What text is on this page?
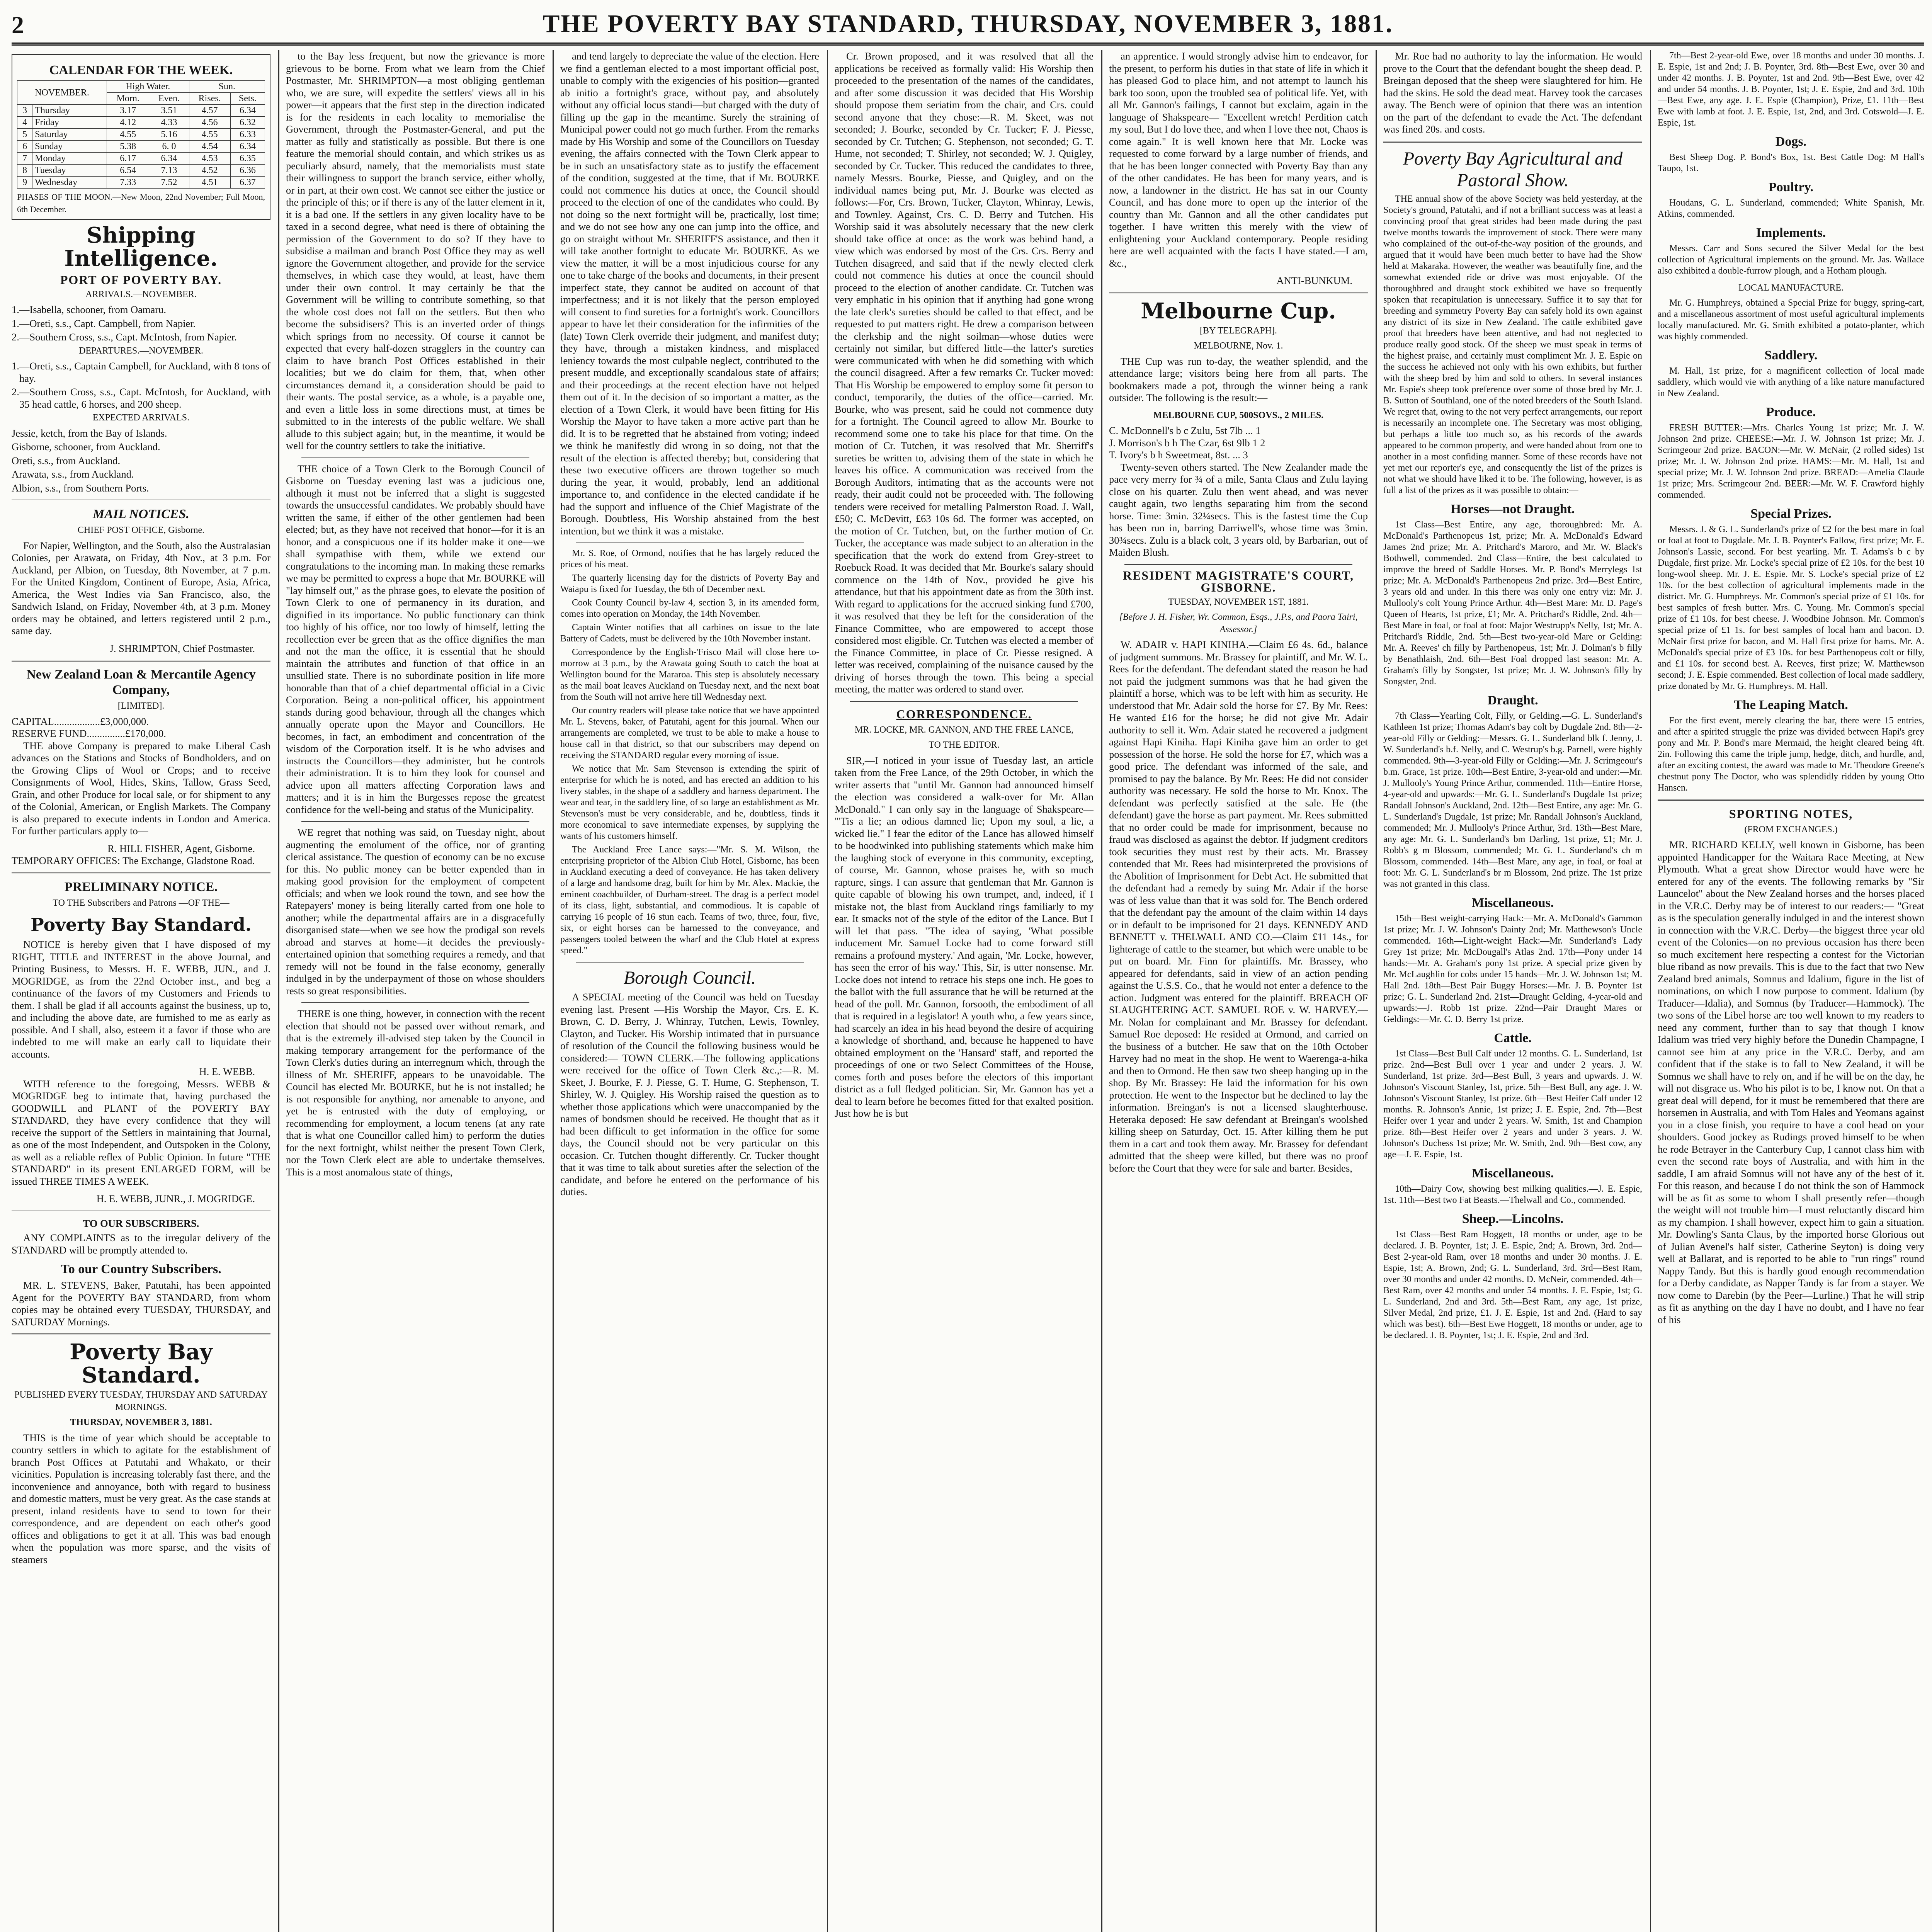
2	THE POVERTY BAY STANDARD, THURSDAY, NOVEMBER 3, 1881.
CALENDAR FOR THE WEEK.
NOVEMBER.		High Water.		Sun.	
		Morn.	Even.	Rises.	Sets.
3	Thursday	3.17	3.51	4.57	6.34
4	Friday	4.12	4.33	4.56	6.32
5	Saturday	4.55	5.16	4.55	6.33
6	Sunday	5.38	6. 0	4.54	6.34
7	Monday	6.17	6.34	4.53	6.35
8	Tuesday	6.54	7.13	4.52	6.36
9	Wednesday	7.33	7.52	4.51	6.37
PHASES OF THE MOON.—New Moon, 22nd November; Full Moon, 6th December.
Shipping Intelligence.
PORT OF POVERTY BAY.
ARRIVALS.—NOVEMBER.
1.—Isabella, schooner, from Oamaru.
1.—Oreti, s.s., Capt. Campbell, from Napier.
2.—Southern Cross, s.s., Capt. McIntosh, from Napier.
DEPARTURES.—NOVEMBER.
1.—Oreti, s.s., Captain Campbell, for Auckland, with 8 tons of hay.
2.—Southern Cross, s.s., Capt. McIntosh, for Auckland, with 35 head cattle, 6 horses, and 200 sheep.
EXPECTED ARRIVALS.
Jessie, ketch, from the Bay of Islands.
Gisborne, schooner, from Auckland.
Oreti, s.s., from Auckland.
Arawata, s.s., from Auckland.
Albion, s.s., from Southern Ports.
MAIL NOTICES.
CHIEF POST OFFICE, Gisborne.

For Napier, Wellington, and the South, also the Australasian Colonies, per Arawata, on Friday, 4th Nov., at 3 p.m. For Auckland, per Albion, on Tuesday, 8th November, at 7 p.m. For the United Kingdom, Continent of Europe, Asia, Africa, America, the West Indies via San Francisco, also, the Sandwich Island, on Friday, November 4th, at 3 p.m. Money orders may be obtained, and letters registered until 2 p.m., same day.

J. SHRIMPTON, Chief Postmaster.
New Zealand Loan & Mercantile Agency Company,
[LIMITED].
CAPITAL..................£3,000,000.
RESERVE FUND...............£170,000.

THE above Company is prepared to make Liberal Cash advances on the Stations and Stocks of Bondholders, and on the Growing Clips of Wool or Crops; and to receive Consignments of Wool, Hides, Skins, Tallow, Grass Seed, Grain, and other Produce for local sale, or for shipment to any of the Colonial, American, or English Markets. The Company is also prepared to execute indents in London and America. For further particulars apply to—

R. HILL FISHER, Agent, Gisborne.
TEMPORARY OFFICES: The Exchange, Gladstone Road.
PRELIMINARY NOTICE.
TO THE Subscribers and Patrons —OF THE—
Poverty Bay Standard.

NOTICE is hereby given that I have disposed of my RIGHT, TITLE and INTEREST in the above Journal, and Printing Business, to Messrs. H. E. WEBB, JUN., and J. MOGRIDGE, as from the 22nd October inst., and beg a continuance of the favors of my Customers and Friends to them. I shall be glad if all accounts against the business, up to, and including the above date, are furnished to me as early as possible. And I shall, also, esteem it a favor if those who are indebted to me will make an early call to liquidate their accounts.

H. E. WEBB.

WITH reference to the foregoing, Messrs. WEBB & MOGRIDGE beg to intimate that, having purchased the GOODWILL and PLANT of the POVERTY BAY STANDARD, they have every confidence that they will receive the support of the Settlers in maintaining that Journal, as one of the most Independent, and Outspoken in the Colony, as well as a reliable reflex of Public Opinion. In future "THE STANDARD" in its present ENLARGED FORM, will be issued THREE TIMES A WEEK.

H. E. WEBB, JUNR., J. MOGRIDGE.
TO OUR SUBSCRIBERS.

ANY COMPLAINTS as to the irregular delivery of the STANDARD will be promptly attended to.

To our Country Subscribers.

MR. L. STEVENS, Baker, Patutahi, has been appointed Agent for the POVERTY BAY STANDARD, from whom copies may be obtained every TUESDAY, THURSDAY, and SATURDAY Mornings.

Poverty Bay Standard.
PUBLISHED EVERY TUESDAY, THURSDAY AND SATURDAY MORNINGS.
THURSDAY, NOVEMBER 3, 1881.

THIS is the time of year which should be acceptable to country settlers in which to agitate for the establishment of branch Post Offices at Patutahi and Whakato, or their vicinities. Population is increasing tolerably fast there, and the inconvenience and annoyance, both with regard to business and domestic matters, must be very great. As the case stands at present, inland residents have to send to town for their correspondence, and are dependent on each other's good offices and obligations to get it at all. This was bad enough when the population was more sparse, and the visits of steamers

to the Bay less frequent, but now the grievance is more grievous to be borne. From what we learn from the Chief Postmaster, Mr. SHRIMPTON—a most obliging gentleman who, we are sure, will expedite the settlers' views all in his power—it appears that the first step in the direction indicated is for the residents in each locality to memorialise the Government, through the Postmaster-General, and put the matter as fully and statistically as possible. But there is one feature the memorial should contain, and which strikes us as peculiarly absurd, namely, that the memorialists must state their willingness to support the branch service, either wholly, or in part, at their own cost. We cannot see either the justice or the principle of this; or if there is any of the latter element in it, it is a bad one. If the settlers in any given locality have to be taxed in a second degree, what need is there of obtaining the permission of the Government to do so? If they have to subsidise a mailman and branch Post Office they may as well ignore the Government altogether, and provide for the service themselves, in which case they would, at least, have them under their own control. It may certainly be that the Government will be willing to contribute something, so that the whole cost does not fall on the settlers. But then who become the subsidisers? This is an inverted order of things which springs from no necessity. Of course it cannot be expected that every half-dozen stragglers in the country can claim to have branch Post Offices established in their localities; but we do claim for them, that, when other circumstances demand it, a consideration should be paid to their wants. The postal service, as a whole, is a payable one, and even a little loss in some directions must, at times be submitted to in the interests of the public welfare. We shall allude to this subject again; but, in the meantime, it would be well for the country settlers to take the initiative.

THE choice of a Town Clerk to the Borough Council of Gisborne on Tuesday evening last was a judicious one, although it must not be inferred that a slight is suggested towards the unsuccessful candidates. We probably should have written the same, if either of the other gentlemen had been elected; but, as they have not received that honor—for it is an honor, and a conspicuous one if its holder make it one—we shall sympathise with them, while we extend our congratulations to the incoming man. In making these remarks we may be permitted to express a hope that Mr. BOURKE will "lay himself out," as the phrase goes, to elevate the position of Town Clerk to one of permanency in its duration, and dignified in its importance. No public functionary can think too highly of his office, nor too lowly of himself, letting the recollection ever be green that as the office dignifies the man and not the man the office, it is essential that he should maintain the attributes and function of that office in an unsullied state. There is no subordinate position in life more honorable than that of a chief departmental official in a Civic Corporation. Being a non-political officer, his appointment stands during good behaviour, through all the changes which annually operate upon the Mayor and Councillors. He becomes, in fact, an embodiment and concentration of the wisdom of the Corporation itself. It is he who advises and instructs the Councillors—they administer, but he controls their administration. It is to him they look for counsel and advice upon all matters affecting Corporation laws and matters; and it is in him the Burgesses repose the greatest confidence for the well-being and status of the Municipality.

WE regret that nothing was said, on Tuesday night, about augmenting the emolument of the office, nor of granting clerical assistance. The question of economy can be no excuse for this. No public money can be better expended than in making good provision for the employment of competent officials; and when we look round the town, and see how the Ratepayers' money is being literally carted from one hole to another; while the departmental affairs are in a disgracefully disorganised state—when we see how the prodigal son revels abroad and starves at home—it decides the previously-entertained opinion that something requires a remedy, and that remedy will not be found in the false economy, generally indulged in by the underpayment of those on whose shoulders rests so great responsibilities.

THERE is one thing, however, in connection with the recent election that should not be passed over without remark, and that is the extremely ill-advised step taken by the Council in making temporary arrangement for the performance of the Town Clerk's duties during an interregnum which, through the illness of Mr. SHERIFF, appears to be unavoidable. The Council has elected Mr. BOURKE, but he is not installed; he is not responsible for anything, nor amenable to anyone, and yet he is entrusted with the duty of employing, or recommending for employment, a locum tenens (at any rate that is what one Councillor called him) to perform the duties for the next fortnight, whilst neither the present Town Clerk, nor the Town Clerk elect are able to undertake themselves. This is a most anomalous state of things,

and tend largely to depreciate the value of the election. Here we find a gentleman elected to a most important official post, unable to comply with the exigencies of his position—granted ab initio a fortnight's grace, without pay, and absolutely without any official locus standi—but charged with the duty of filling up the gap in the meantime. Surely the straining of Municipal power could not go much further. From the remarks made by His Worship and some of the Councillors on Tuesday evening, the affairs connected with the Town Clerk appear to be in such an unsatisfactory state as to justify the effacement of the condition, suggested at the time, that if Mr. BOURKE could not commence his duties at once, the Council should proceed to the election of one of the candidates who could. By not doing so the next fortnight will be, practically, lost time; and we do not see how any one can jump into the office, and go on straight without Mr. SHERIFF'S assistance, and then it will take another fortnight to educate Mr. BOURKE. As we view the matter, it will be a most injudicious course for any one to take charge of the books and documents, in their present imperfect state, they cannot be audited on account of that imperfectness; and it is not likely that the person employed will consent to find sureties for a fortnight's work. Councillors appear to have let their consideration for the infirmities of the (late) Town Clerk override their judgment, and manifest duty; they have, through a mistaken kindness, and misplaced leniency towards the most culpable neglect, contributed to the present muddle, and exceptionally scandalous state of affairs; and their proceedings at the recent election have not helped them out of it. In the decision of so important a matter, as the election of a Town Clerk, it would have been fitting for His Worship the Mayor to have taken a more active part than he did. It is to be regretted that he abstained from voting; indeed we think he manifestly did wrong in so doing, not that the result of the election is affected thereby; but, considering that these two executive officers are thrown together so much during the year, it would, probably, lend an additional importance to, and confidence in the elected candidate if he had the support and influence of the Chief Magistrate of the Borough. Doubtless, His Worship abstained from the best intention, but we think it was a mistake.

Mr. S. Roe, of Ormond, notifies that he has largely reduced the prices of his meat.

The quarterly licensing day for the districts of Poverty Bay and Waiapu is fixed for Tuesday, the 6th of December next.

Cook County Council by-law 4, section 3, in its amended form, comes into operation on Monday, the 14th November.

Captain Winter notifies that all carbines on issue to the late Battery of Cadets, must be delivered by the 10th November instant.

Correspondence by the English-'Frisco Mail will close here to-morrow at 3 p.m., by the Arawata going South to catch the boat at Wellington bound for the Mararoa. This step is absolutely necessary as the mail boat leaves Auckland on Tuesday next, and the next boat from the South will not arrive here till Wednesday next.

Our country readers will please take notice that we have appointed Mr. L. Stevens, baker, of Patutahi, agent for this journal. When our arrangements are completed, we trust to be able to make a house to house call in that district, so that our subscribers may depend on receiving the STANDARD regular every morning of issue.

We notice that Mr. Sam Stevenson is extending the spirit of enterprise for which he is noted, and has erected an addition to his livery stables, in the shape of a saddlery and harness department. The wear and tear, in the saddlery line, of so large an establishment as Mr. Stevenson's must be very considerable, and he, doubtless, finds it more economical to save intermediate expenses, by supplying the wants of his customers himself.

The Auckland Free Lance says:—"Mr. S. M. Wilson, the enterprising proprietor of the Albion Club Hotel, Gisborne, has been in Auckland executing a deed of conveyance. He has taken delivery of a large and handsome drag, built for him by Mr. Alex. Mackie, the eminent coachbuilder, of Durham-street. The drag is a perfect model of its class, light, substantial, and commodious. It is capable of carrying 16 people of 16 stun each. Teams of two, three, four, five, six, or eight horses can be harnessed to the conveyance, and passengers tooled between the wharf and the Club Hotel at express speed."

Borough Council.

A SPECIAL meeting of the Council was held on Tuesday evening last. Present —His Worship the Mayor, Crs. E. K. Brown, C. D. Berry, J. Whinray, Tutchen, Lewis, Townley, Clayton, and Tucker. His Worship intimated that in pursuance of resolution of the Council the following business would be considered:— TOWN CLERK.—The following applications were received for the office of Town Clerk &c.,:—R. M. Skeet, J. Bourke, F. J. Piesse, G. T. Hume, G. Stephenson, T. Shirley, W. J. Quigley. His Worship raised the question as to whether those applications which were unaccompanied by the names of bondsmen should be received. He thought that as it had been difficult to get information in the office for some days, the Council should not be very particular on this occasion. Cr. Tutchen thought differently. Cr. Tucker thought that it was time to talk about sureties after the selection of the candidate, and before he entered on the performance of his duties.

Cr. Brown proposed, and it was resolved that all the applications be received as formally valid: His Worship then proceeded to the presentation of the names of the candidates, and after some discussion it was decided that His Worship should propose them seriatim from the chair, and Crs. could second anyone that they chose:—R. M. Skeet, was not seconded; J. Bourke, seconded by Cr. Tucker; F. J. Piesse, seconded by Cr. Tutchen; G. Stephenson, not seconded; G. T. Hume, not seconded; T. Shirley, not seconded; W. J. Quigley, seconded by Cr. Tucker. This reduced the candidates to three, namely Messrs. Bourke, Piesse, and Quigley, and on the individual names being put, Mr. J. Bourke was elected as follows:—For, Crs. Brown, Tucker, Clayton, Whinray, Lewis, and Townley. Against, Crs. C. D. Berry and Tutchen. His Worship said it was absolutely necessary that the new clerk should take office at once: as the work was behind hand, a view which was endorsed by most of the Crs. Crs. Berry and Tutchen disagreed, and said that if the newly elected clerk could not commence his duties at once the council should proceed to the election of another candidate. Cr. Tutchen was very emphatic in his opinion that if anything had gone wrong the late clerk's sureties should be called to that effect, and be requested to put matters right. He drew a comparison between the clerkship and the night soilman—whose duties were certainly not similar, but differed little—the latter's sureties were communicated with when he did something with which the council disagreed. After a few remarks Cr. Tucker moved: That His Worship be empowered to employ some fit person to conduct, temporarily, the duties of the office—carried. Mr. Bourke, who was present, said he could not commence duty for a fortnight. The Council agreed to allow Mr. Bourke to recommend some one to take his place for that time. On the motion of Cr. Tutchen, it was resolved that Mr. Sherriff's sureties be written to, advising them of the state in which he leaves his office. A communication was received from the Borough Auditors, intimating that as the accounts were not ready, their audit could not be proceeded with. The following tenders were received for metalling Palmerston Road. J. Wall, £50; C. McDevitt, £63 10s 6d. The former was accepted, on the motion of Cr. Tutchen, but, on the further motion of Cr. Tucker, the acceptance was made subject to an alteration in the specification that the work do extend from Grey-street to Roebuck Road. It was decided that Mr. Bourke's salary should commence on the 14th of Nov., provided he give his attendance, but that his appointment date as from the 30th inst. With regard to applications for the accrued sinking fund £700, it was resolved that they be left for the consideration of the Finance Committee, who are empowered to accept those considered most eligible. Cr. Tutchen was elected a member of the Finance Committee, in place of Cr. Piesse resigned. A letter was received, complaining of the nuisance caused by the driving of horses through the town. This being a special meeting, the matter was ordered to stand over.

CORRESPONDENCE.
MR. LOCKE, MR. GANNON, AND THE FREE LANCE,
TO THE EDITOR.

SIR,—I noticed in your issue of Tuesday last, an article taken from the Free Lance, of the 29th October, in which the writer asserts that "until Mr. Gannon had announced himself the election was considered a walk-over for Mr. Allan McDonald." I can only say in the language of Shakspeare— "'Tis a lie; an odious damned lie; Upon my soul, a lie, a wicked lie." I fear the editor of the Lance has allowed himself to be hoodwinked into publishing statements which make him the laughing stock of everyone in this community, excepting, of course, Mr. Gannon, whose praises he, with so much rapture, sings. I can assure that gentleman that Mr. Gannon is quite capable of blowing his own trumpet, and, indeed, if I mistake not, the blast from Auckland rings familiarly to my ear. It smacks not of the style of the editor of the Lance. But I will let that pass. "The idea of saying, 'What possible inducement Mr. Samuel Locke had to come forward still remains a profound mystery.' And again, 'Mr. Locke, however, has seen the error of his way.' This, Sir, is utter nonsense. Mr. Locke does not intend to retrace his steps one inch. He goes to the ballot with the full assurance that he will be returned at the head of the poll. Mr. Gannon, forsooth, the embodiment of all that is required in a legislator! A youth who, a few years since, had scarcely an idea in his head beyond the desire of acquiring a knowledge of shorthand, and, because he happened to have obtained employment on the 'Hansard' staff, and reported the proceedings of one or two Select Committees of the House, comes forth and poses before the electors of this important district as a full fledged politician. Sir, Mr. Gannon has yet a deal to learn before he becomes fitted for that exalted position. Just how he is but

an apprentice. I would strongly advise him to endeavor, for the present, to perform his duties in that state of life in which it has pleased God to place him, and not attempt to launch his bark too soon, upon the troubled sea of political life. Yet, with all Mr. Gannon's failings, I cannot but exclaim, again in the language of Shakspeare— "Excellent wretch! Perdition catch my soul, But I do love thee, and when I love thee not, Chaos is come again." It is well known here that Mr. Locke was requested to come forward by a large number of friends, and that he has been longer connected with Poverty Bay than any of the other candidates. He has been for many years, and is now, a landowner in the district. He has sat in our County Council, and has done more to open up the interior of the country than Mr. Gannon and all the other candidates put together. I have written this merely with the view of enlightening your Auckland contemporary. People residing here are well acquainted with the facts I have stated.—I am, &c.,

ANTI-BUNKUM.
Melbourne Cup.
[BY TELEGRAPH].
MELBOURNE, Nov. 1.

THE Cup was run to-day, the weather splendid, and the attendance large; visitors being here from all parts. The bookmakers made a pot, through the winner being a rank outsider. The following is the result:—

MELBOURNE CUP, 500SOVS., 2 MILES.
C. McDonnell's b c Zulu, 5st 7lb ... 1
J. Morrison's b h The Czar, 6st 9lb 1 2
T. Ivory's b h Sweetmeat, 8st. ... 3

Twenty-seven others started. The New Zealander made the pace very merry for ¾ of a mile, Santa Claus and Zulu laying close on his quarter. Zulu then went ahead, and was never caught again, two lengths separating him from the second horse. Time: 3min. 32¼secs. This is the fastest time the Cup has been run in, barring Darriwell's, whose time was 3min. 30¾secs. Zulu is a black colt, 3 years old, by Barbarian, out of Maiden Blush.

RESIDENT MAGISTRATE'S COURT, GISBORNE.
TUESDAY, NOVEMBER 1ST, 1881.
[Before J. H. Fisher, Wr. Common, Esqs., J.P.s, and Paora Tairi, Assessor.]

W. ADAIR v. HAPI KINIHA.—Claim £6 4s. 6d., balance of judgment summons. Mr. Brassey for plaintiff, and Mr. W. L. Rees for the defendant. The defendant stated the reason he had not paid the judgment summons was that he had given the plaintiff a horse, which was to be left with him as security. He understood that Mr. Adair sold the horse for £7. By Mr. Rees: He wanted £16 for the horse; he did not give Mr. Adair authority to sell it. Wm. Adair stated he recovered a judgment against Hapi Kiniha. Hapi Kiniha gave him an order to get possession of the horse. He sold the horse for £7, which was a good price. The defendant was informed of the sale, and promised to pay the balance. By Mr. Rees: He did not consider authority was necessary. He sold the horse to Mr. Knox. The defendant was perfectly satisfied at the sale. He (the defendant) gave the horse as part payment. Mr. Rees submitted that no order could be made for imprisonment, because no fraud was disclosed as against the debtor. If judgment creditors took securities they must rest by their acts. Mr. Brassey contended that Mr. Rees had misinterpreted the provisions of the Abolition of Imprisonment for Debt Act. He submitted that the defendant had a remedy by suing Mr. Adair if the horse was of less value than that it was sold for. The Bench ordered that the defendant pay the amount of the claim within 14 days or in default to be imprisoned for 21 days. KENNEDY AND BENNETT v. THELWALL AND CO.—Claim £11 14s., for lighterage of cattle to the steamer, but which were unable to be put on board. Mr. Finn for plaintiffs. Mr. Brassey, who appeared for defendants, said in view of an action pending against the U.S.S. Co., that he would not enter a defence to the action. Judgment was entered for the plaintiff. BREACH OF SLAUGHTERING ACT. SAMUEL ROE v. W. HARVEY.—Mr. Nolan for complainant and Mr. Brassey for defendant. Samuel Roe deposed: He resided at Ormond, and carried on the business of a butcher. He saw that on the 10th October Harvey had no meat in the shop. He went to Waerenga-a-hika and then to Ormond. He then saw two sheep hanging up in the shop. By Mr. Brassey: He laid the information for his own protection. He went to the Inspector but he declined to lay the information. Breingan's is not a licensed slaughterhouse. Heteraka deposed: He saw defendant at Breingan's woolshed killing sheep on Saturday, Oct. 15. After killing them he put them in a cart and took them away. Mr. Brassey for defendant admitted that the sheep were killed, but there was no proof before the Court that they were for sale and barter. Besides,

Mr. Roe had no authority to lay the information. He would prove to the Court that the defendant bought the sheep dead. P. Breingan deposed that the sheep were slaughtered for him. He had the skins. He sold the dead meat. Harvey took the carcases away. The Bench were of opinion that there was an intention on the part of the defendant to evade the Act. The defendant was fined 20s. and costs.

Poverty Bay Agricultural and Pastoral Show.

THE annual show of the above Society was held yesterday, at the Society's ground, Patutahi, and if not a brilliant success was at least a convincing proof that great strides had been made during the past twelve months towards the improvement of stock. There were many who complained of the out-of-the-way position of the grounds, and argued that it would have been much better to have had the Show held at Makaraka. However, the weather was beautifully fine, and the somewhat extended ride or drive was most enjoyable. Of the thoroughbred and draught stock exhibited we have so frequently spoken that recapitulation is unnecessary. Suffice it to say that for breeding and symmetry Poverty Bay can safely hold its own against any district of its size in New Zealand. The cattle exhibited gave proof that breeders have been attentive, and had not neglected to produce really good stock. Of the sheep we must speak in terms of the highest praise, and certainly must compliment Mr. J. E. Espie on the success he achieved not only with his own exhibits, but further with the sheep bred by him and sold to others. In several instances Mr. Espie's sheep took preference over some of those bred by Mr. J. B. Sutton of Southland, one of the noted breeders of the South Island. We regret that, owing to the not very perfect arrangements, our report is necessarily an incomplete one. The Secretary was most obliging, but perhaps a little too much so, as his records of the awards appeared to be common property, and were handed about from one to another in a most confiding manner. Some of these records have not yet met our reporter's eye, and consequently the list of the prizes is not what we should have liked it to be. The following, however, is as full a list of the prizes as it was possible to obtain:—

Horses—not Draught.

1st Class—Best Entire, any age, thoroughbred: Mr. A. McDonald's Parthenopeus 1st, prize; Mr. A. McDonald's Edward James 2nd prize; Mr. A. Pritchard's Maroro, and Mr. W. Black's Bothwell, commended. 2nd Class—Entire, the best calculated to improve the breed of Saddle Horses. Mr. P. Bond's Merrylegs 1st prize; Mr. A. McDonald's Parthenopeus 2nd prize. 3rd—Best Entire, 3 years old and under. In this there was only one entry viz: Mr. J. Mullooly's colt Young Prince Arthur. 4th—Best Mare: Mr. D. Page's Queen of Hearts, 1st prize, £1; Mr. A. Pritchard's Riddle, 2nd. 4th—Best Mare in foal, or foal at foot: Major Westrupp's Nelly, 1st; Mr. A. Pritchard's Riddle, 2nd. 5th—Best two-year-old Mare or Gelding: Mr. A. Reeves' ch filly by Parthenopeus, 1st; Mr. J. Dolman's b filly by Benathlaish, 2nd. 6th—Best Foal dropped last season: Mr. A. Graham's filly by Songster, 1st prize; Mr. J. W. Johnson's filly by Songster, 2nd.

Draught.

7th Class—Yearling Colt, Filly, or Gelding.—G. L. Sunderland's Kathleen 1st prize; Thomas Adam's bay colt by Dugdale 2nd. 8th—2-year-old Filly or Gelding:—Messrs. G. L. Sunderland blk f. Jenny, J. W. Sunderland's b.f. Nelly, and C. Westrup's b.g. Parnell, were highly commended. 9th—3-year-old Filly or Gelding:—Mr. J. Scrimgeour's b.m. Grace, 1st prize. 10th—Best Entire, 3-year-old and under:—Mr. J. Mullooly's Young Prince Arthur, commended. 11th—Entire Horse, 4-year-old and upwards:—Mr. G. L. Sunderland's Dugdale 1st prize; Randall Johnson's Auckland, 2nd. 12th—Best Entire, any age: Mr. G. L. Sunderland's Dugdale, 1st prize; Mr. Randall Johnson's Auckland, commended; Mr. J. Mullooly's Prince Arthur, 3rd. 13th—Best Mare, any age: Mr. G. L. Sunderland's bm Darling, 1st prize, £1; Mr. J. Robb's g m Blossom, commended; Mr. G. L. Sunderland's ch m Blossom, commended. 14th—Best Mare, any age, in foal, or foal at foot: Mr. G. L. Sunderland's br m Blossom, 2nd prize. The 1st prize was not granted in this class.

Miscellaneous.

15th—Best weight-carrying Hack:—Mr. A. McDonald's Gammon 1st prize; Mr. J. W. Johnson's Dainty 2nd; Mr. Matthewson's Uncle commended. 16th—Light-weight Hack:—Mr. Sunderland's Lady Grey 1st prize; Mr. McDougall's Atlas 2nd. 17th—Pony under 14 hands:—Mr. A. Graham's pony 1st prize. A special prize given by Mr. McLaughlin for cobs under 15 hands—Mr. J. W. Johnson 1st; M. Hall 2nd. 18th—Best Pair Buggy Horses:—Mr. J. B. Poynter 1st prize; G. L. Sunderland 2nd. 21st—Draught Gelding, 4-year-old and upwards:—J. Robb 1st prize. 22nd—Pair Draught Mares or Geldings:—Mr. C. D. Berry 1st prize.

Cattle.

1st Class—Best Bull Calf under 12 months. G. L. Sunderland, 1st prize. 2nd—Best Bull over 1 year and under 2 years. J. W. Sunderland, 1st prize. 3rd—Best Bull, 3 years and upwards. J. W. Johnson's Viscount Stanley, 1st, prize. 5th—Best Bull, any age. J. W. Johnson's Viscount Stanley, 1st prize. 6th—Best Heifer Calf under 12 months. R. Johnson's Annie, 1st prize; J. E. Espie, 2nd. 7th—Best Heifer over 1 year and under 2 years. W. Smith, 1st and Champion prize. 8th—Best Heifer over 2 years and under 3 years. J. W. Johnson's Duchess 1st prize; Mr. W. Smith, 2nd. 9th—Best cow, any age—J. E. Espie, 1st.

Miscellaneous.

10th—Dairy Cow, showing best milking qualities.—J. E. Espie, 1st. 11th—Best two Fat Beasts.—Thelwall and Co., commended.

Sheep.—Lincolns.

1st Class—Best Ram Hoggett, 18 months or under, age to be declared. J. B. Poynter, 1st; J. E. Espie, 2nd; A. Brown, 3rd. 2nd—Best 2-year-old Ram, over 18 months and under 30 months. J. E. Espie, 1st; A. Brown, 2nd; G. L. Sunderland, 3rd. 3rd—Best Ram, over 30 months and under 42 months. D. McNeir, commended. 4th—Best Ram, over 42 months and under 54 months. J. E. Espie, 1st; G. L. Sunderland, 2nd and 3rd. 5th—Best Ram, any age, 1st prize, Silver Medal, 2nd prize, £1. J. E. Espie, 1st and 2nd. (Hard to say which was best). 6th—Best Ewe Hoggett, 18 months or under, age to be declared. J. B. Poynter, 1st; J. E. Espie, 2nd and 3rd.

7th—Best 2-year-old Ewe, over 18 months and under 30 months. J. E. Espie, 1st and 2nd; J. B. Poynter, 3rd. 8th—Best Ewe, over 30 and under 42 months. J. B. Poynter, 1st and 2nd. 9th—Best Ewe, over 42 and under 54 months. J. B. Poynter, 1st; J. E. Espie, 2nd and 3rd. 10th—Best Ewe, any age. J. E. Espie (Champion), Prize, £1. 11th—Best Ewe with lamb at foot. J. E. Espie, 1st, 2nd, and 3rd. Cotswold—J. E. Espie, 1st.

Dogs.

Best Sheep Dog. P. Bond's Box, 1st. Best Cattle Dog: M Hall's Taupo, 1st.

Poultry.

Houdans, G. L. Sunderland, commended; White Spanish, Mr. Atkins, commended.

Implements.

Messrs. Carr and Sons secured the Silver Medal for the best collection of Agricultural implements on the ground. Mr. Jas. Wallace also exhibited a double-furrow plough, and a Hotham plough.

LOCAL MANUFACTURE.

Mr. G. Humphreys, obtained a Special Prize for buggy, spring-cart, and a miscellaneous assortment of most useful agricultural implements locally manufactured. Mr. G. Smith exhibited a potato-planter, which was highly commended.

Saddlery.

M. Hall, 1st prize, for a magnificent collection of local made saddlery, which would vie with anything of a like nature manufactured in New Zealand.

Produce.

FRESH BUTTER:—Mrs. Charles Young 1st prize; Mr. J. W. Johnson 2nd prize. CHEESE:—Mr. J. W. Johnson 1st prize; Mr. J. Scrimgeour 2nd prize. BACON:—Mr. W. McNair, (2 rolled sides) 1st prize; Mr. J. W. Johnson 2nd prize. HAMS:—Mr. M. Hall, 1st and special prize; Mr. J. W. Johnson 2nd prize. BREAD:—Amelia Claude 1st prize; Mrs. Scrimgeour 2nd. BEER:—Mr. W. F. Crawford highly commended.

Special Prizes.

Messrs. J. & G. L. Sunderland's prize of £2 for the best mare in foal or foal at foot to Dugdale. Mr. J. B. Poynter's Fallow, first prize; Mr. E. Johnson's Lassie, second. For best yearling. Mr. T. Adams's b c by Dugdale, first prize. Mr. Locke's special prize of £2 10s. for the best 10 long-wool sheep. Mr. J. E. Espie. Mr. S. Locke's special prize of £2 10s. for the best collection of agricultural implements made in the district. Mr. G. Humphreys. Mr. Common's special prize of £1 10s. for best samples of fresh butter. Mrs. C. Young. Mr. Common's special prize of £1 10s. for best cheese. J. Woodbine Johnson. Mr. Common's special prize of £1 1s. for best samples of local ham and bacon. D. McNair first prize for bacon, and M. Hall first prize for hams. Mr. A. McDonald's special prize of £3 10s. for best Parthenopeus colt or filly, and £1 10s. for second best. A. Reeves, first prize; W. Matthewson second; J. E. Espie commended. Best collection of local made saddlery, prize donated by Mr. G. Humphreys. M. Hall.

The Leaping Match.

For the first event, merely clearing the bar, there were 15 entries, and after a spirited struggle the prize was divided between Hapi's grey pony and Mr. P. Bond's mare Mermaid, the height cleared being 4ft. 2in. Following this came the triple jump, hedge, ditch, and hurdle, and, after an exciting contest, the award was made to Mr. Theodore Greene's chestnut pony The Doctor, who was splendidly ridden by young Otto Hansen.

SPORTING NOTES,
(FROM EXCHANGES.)

MR. RICHARD KELLY, well known in Gisborne, has been appointed Handicapper for the Waitara Race Meeting, at New Plymouth. What a great show Director would have were he entered for any of the events. The following remarks by "Sir Launcelot" about the New Zealand horses and the horses placed in the V.R.C. Derby may be of interest to our readers:— "Great as is the speculation generally indulged in and the interest shown in connection with the V.R.C. Derby—the biggest three year old event of the Colonies—on no previous occasion has there been so much excitement here respecting a contest for the Victorian blue riband as now prevails. This is due to the fact that two New Zealand bred animals, Somnus and Idalium, figure in the list of nominations, on which I now purpose to comment. Idalium (by Traducer—Idalia), and Somnus (by Traducer—Hammock). The two sons of the Libel horse are too well known to my readers to need any comment, further than to say that though I know Idalium was tried very highly before the Dunedin Champagne, I cannot see him at any price in the V.R.C. Derby, and am confident that if the stake is to fall to New Zealand, it will be Somnus we shall have to rely on, and if he will be on the day, he will not disgrace us. Who his pilot is to be, I know not. On that a great deal will depend, for it must be remembered that there are horsemen in Australia, and with Tom Hales and Yeomans against you in a close finish, you require to have a cool head on your shoulders. Good jockey as Rudings proved himself to be when he rode Betrayer in the Canterbury Cup, I cannot class him with even the second rate boys of Australia, and with him in the saddle, I am afraid Somnus will not have any of the best of it. For this reason, and because I do not think the son of Hammock will be as fit as some to whom I shall presently refer—though the weight will not trouble him—I must reluctantly discard him as my champion. I shall however, expect him to gain a situation. Mr. Dowling's Santa Claus, by the imported horse Glorious out of Julian Avenel's half sister, Catherine Seyton) is doing very well at Ballarat, and is reported to be able to "run rings" round Nappy Tandy. But this is hardly good enough recommendation for a Derby candidate, as Napper Tandy is far from a stayer. We now come to Darebin (by the Peer—Lurline.) That he will strip as fit as anything on the day I have no doubt, and I have no fear of his
